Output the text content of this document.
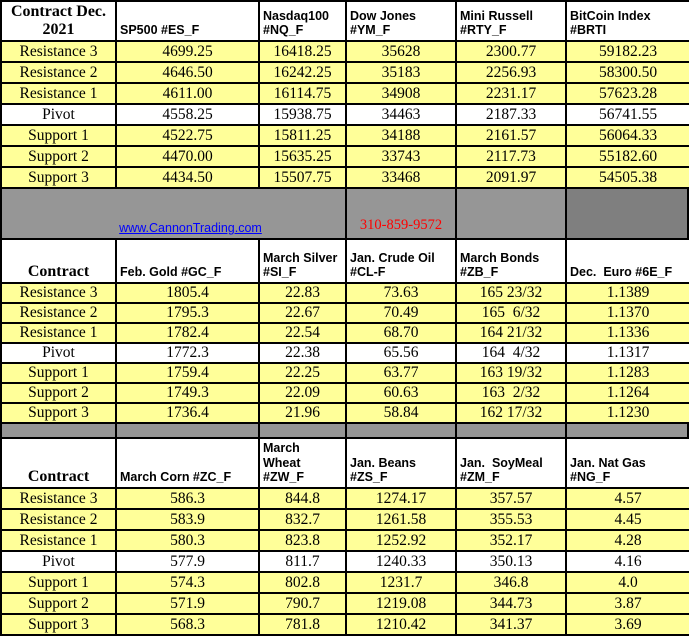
Contract Dec. 2021	SP500 #ES_F	Nasdaq100 #NQ_F	Dow Jones #YM_F	Mini Russell #RTY_F	BitCoin Index #BRTI
Resistance 3	4699.25	16418.25	35628	2300.77	59182.23
Resistance 2	4646.50	16242.25	35183	2256.93	58300.50
Resistance 1	4611.00	16114.75	34908	2231.17	57623.28
Pivot	4558.25	15938.75	34463	2187.33	56741.55
Support 1	4522.75	15811.25	34188	2161.57	56064.33
Support 2	4470.00	15635.25	33743	2117.73	55182.60
Support 3	4434.50	15507.75	33468	2091.97	54505.38
www.CannonTrading.com	310-859-9572
Contract	Feb. Gold #GC_F	March Silver #SI_F	Jan. Crude Oil #CL-F	March Bonds #ZB_F	Dec.  Euro #6E_F
Resistance 3	1805.4	22.83	73.63	165 23/32	1.1389
Resistance 2	1795.3	22.67	70.49	165  6/32	1.1370
Resistance 1	1782.4	22.54	68.70	164 21/32	1.1336
Pivot	1772.3	22.38	65.56	164  4/32	1.1317
Support 1	1759.4	22.25	63.77	163 19/32	1.1283
Support 2	1749.3	22.09	60.63	163  2/32	1.1264
Support 3	1736.4	21.96	58.84	162 17/32	1.1230
Contract	March Corn #ZC_F	March  Wheat #ZW_F	Jan. Beans #ZS_F	Jan.  SoyMeal #ZM_F	Jan. Nat Gas #NG_F
Resistance 3	586.3	844.8	1274.17	357.57	4.57
Resistance 2	583.9	832.7	1261.58	355.53	4.45
Resistance 1	580.3	823.8	1252.92	352.17	4.28
Pivot	577.9	811.7	1240.33	350.13	4.16
Support 1	574.3	802.8	1231.7	346.8	4.0
Support 2	571.9	790.7	1219.08	344.73	3.87
Support 3	568.3	781.8	1210.42	341.37	3.69
